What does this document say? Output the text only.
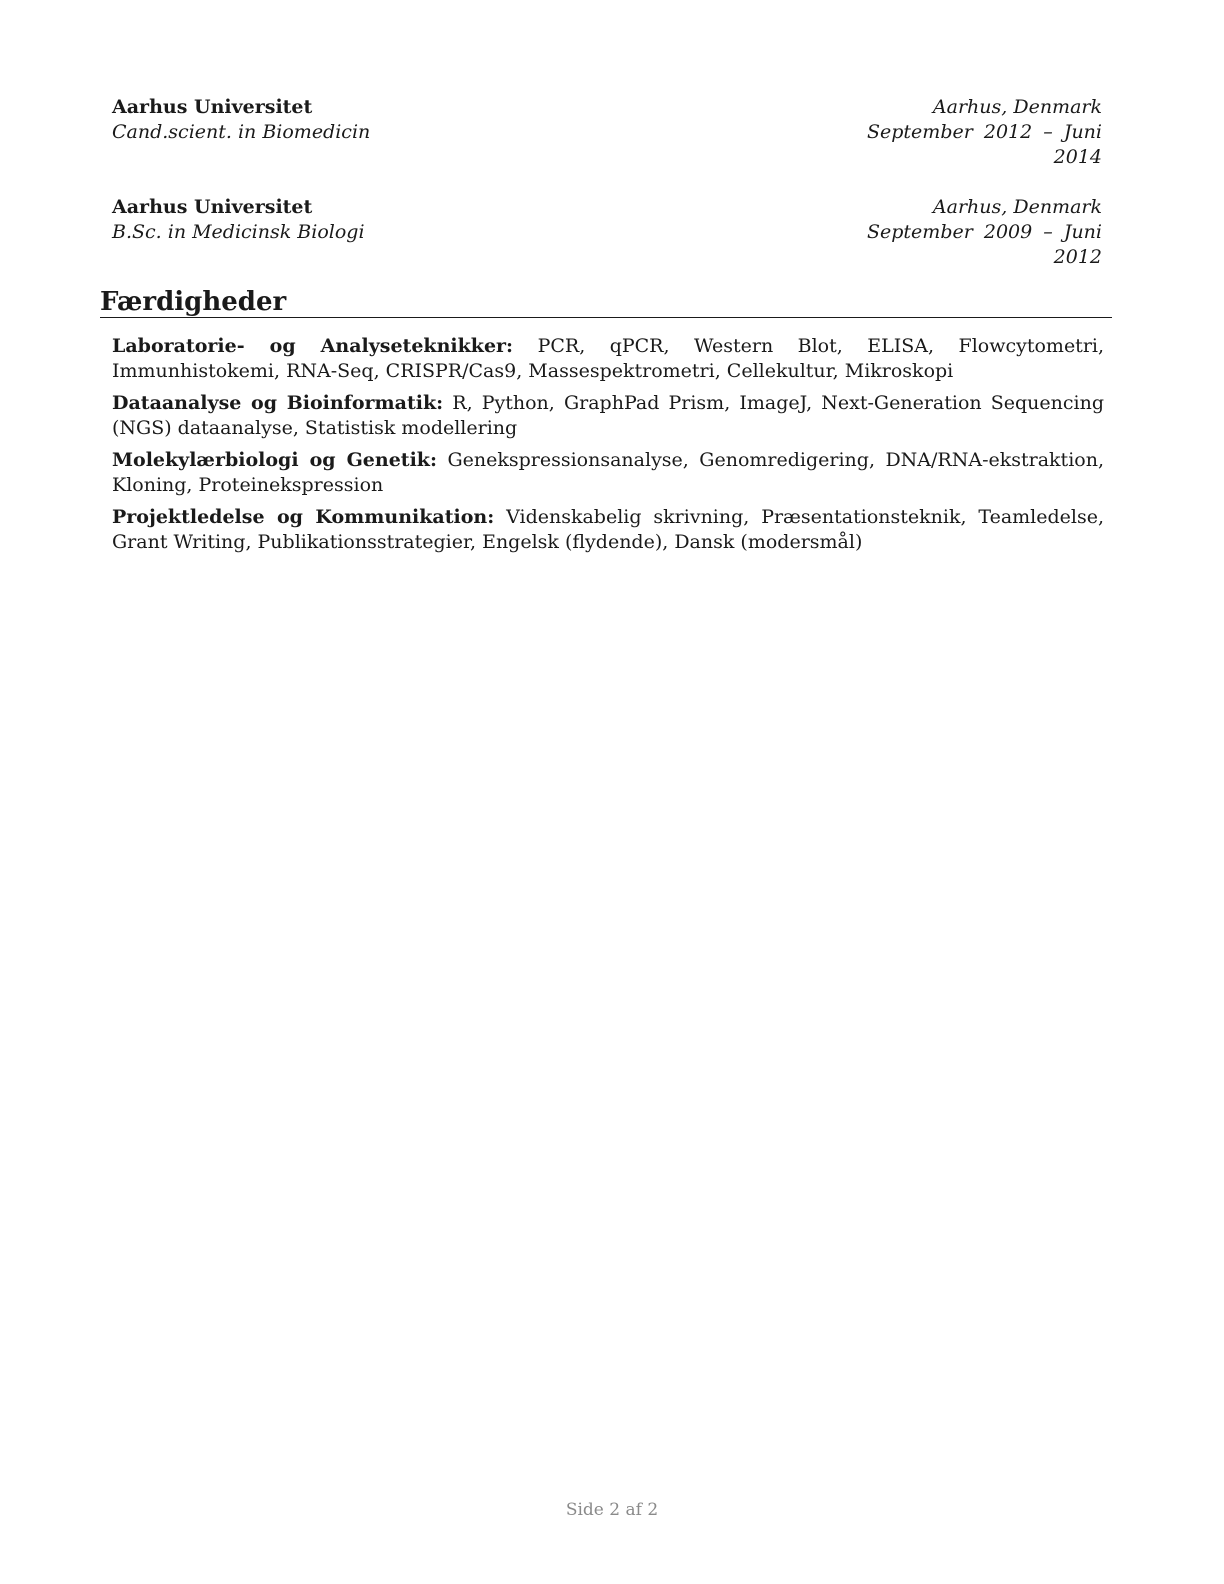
Aarhus Universitet	Aarhus, Denmark
Cand.scient. in Biomedicin	September 2012 – Juni 2014
Aarhus Universitet	Aarhus, Denmark
B.Sc. in Medicinsk Biologi	September 2009 – Juni 2012
Færdigheder

Laboratorie- og Analyseteknikker: PCR, qPCR, Western Blot, ELISA, Flowcytometri, Immunhistokemi, RNA-Seq, CRISPR/Cas9, Massespektrometri, Cellekultur, Mikroskopi

Dataanalyse og Bioinformatik: R, Python, GraphPad Prism, ImageJ, Next-Generation Sequencing (NGS) dataanalyse, Statistisk modellering

Molekylærbiologi og Genetik: Genekspressionsanalyse, Genomredigering, DNA/RNA-ekstraktion, Kloning, Proteinekspression

Projektledelse og Kommunikation: Videnskabelig skrivning, Præsentationsteknik, Teamledelse, Grant Writing, Publikationsstrategier, Engelsk (flydende), Dansk (modersmål)

Side 2 af 2
